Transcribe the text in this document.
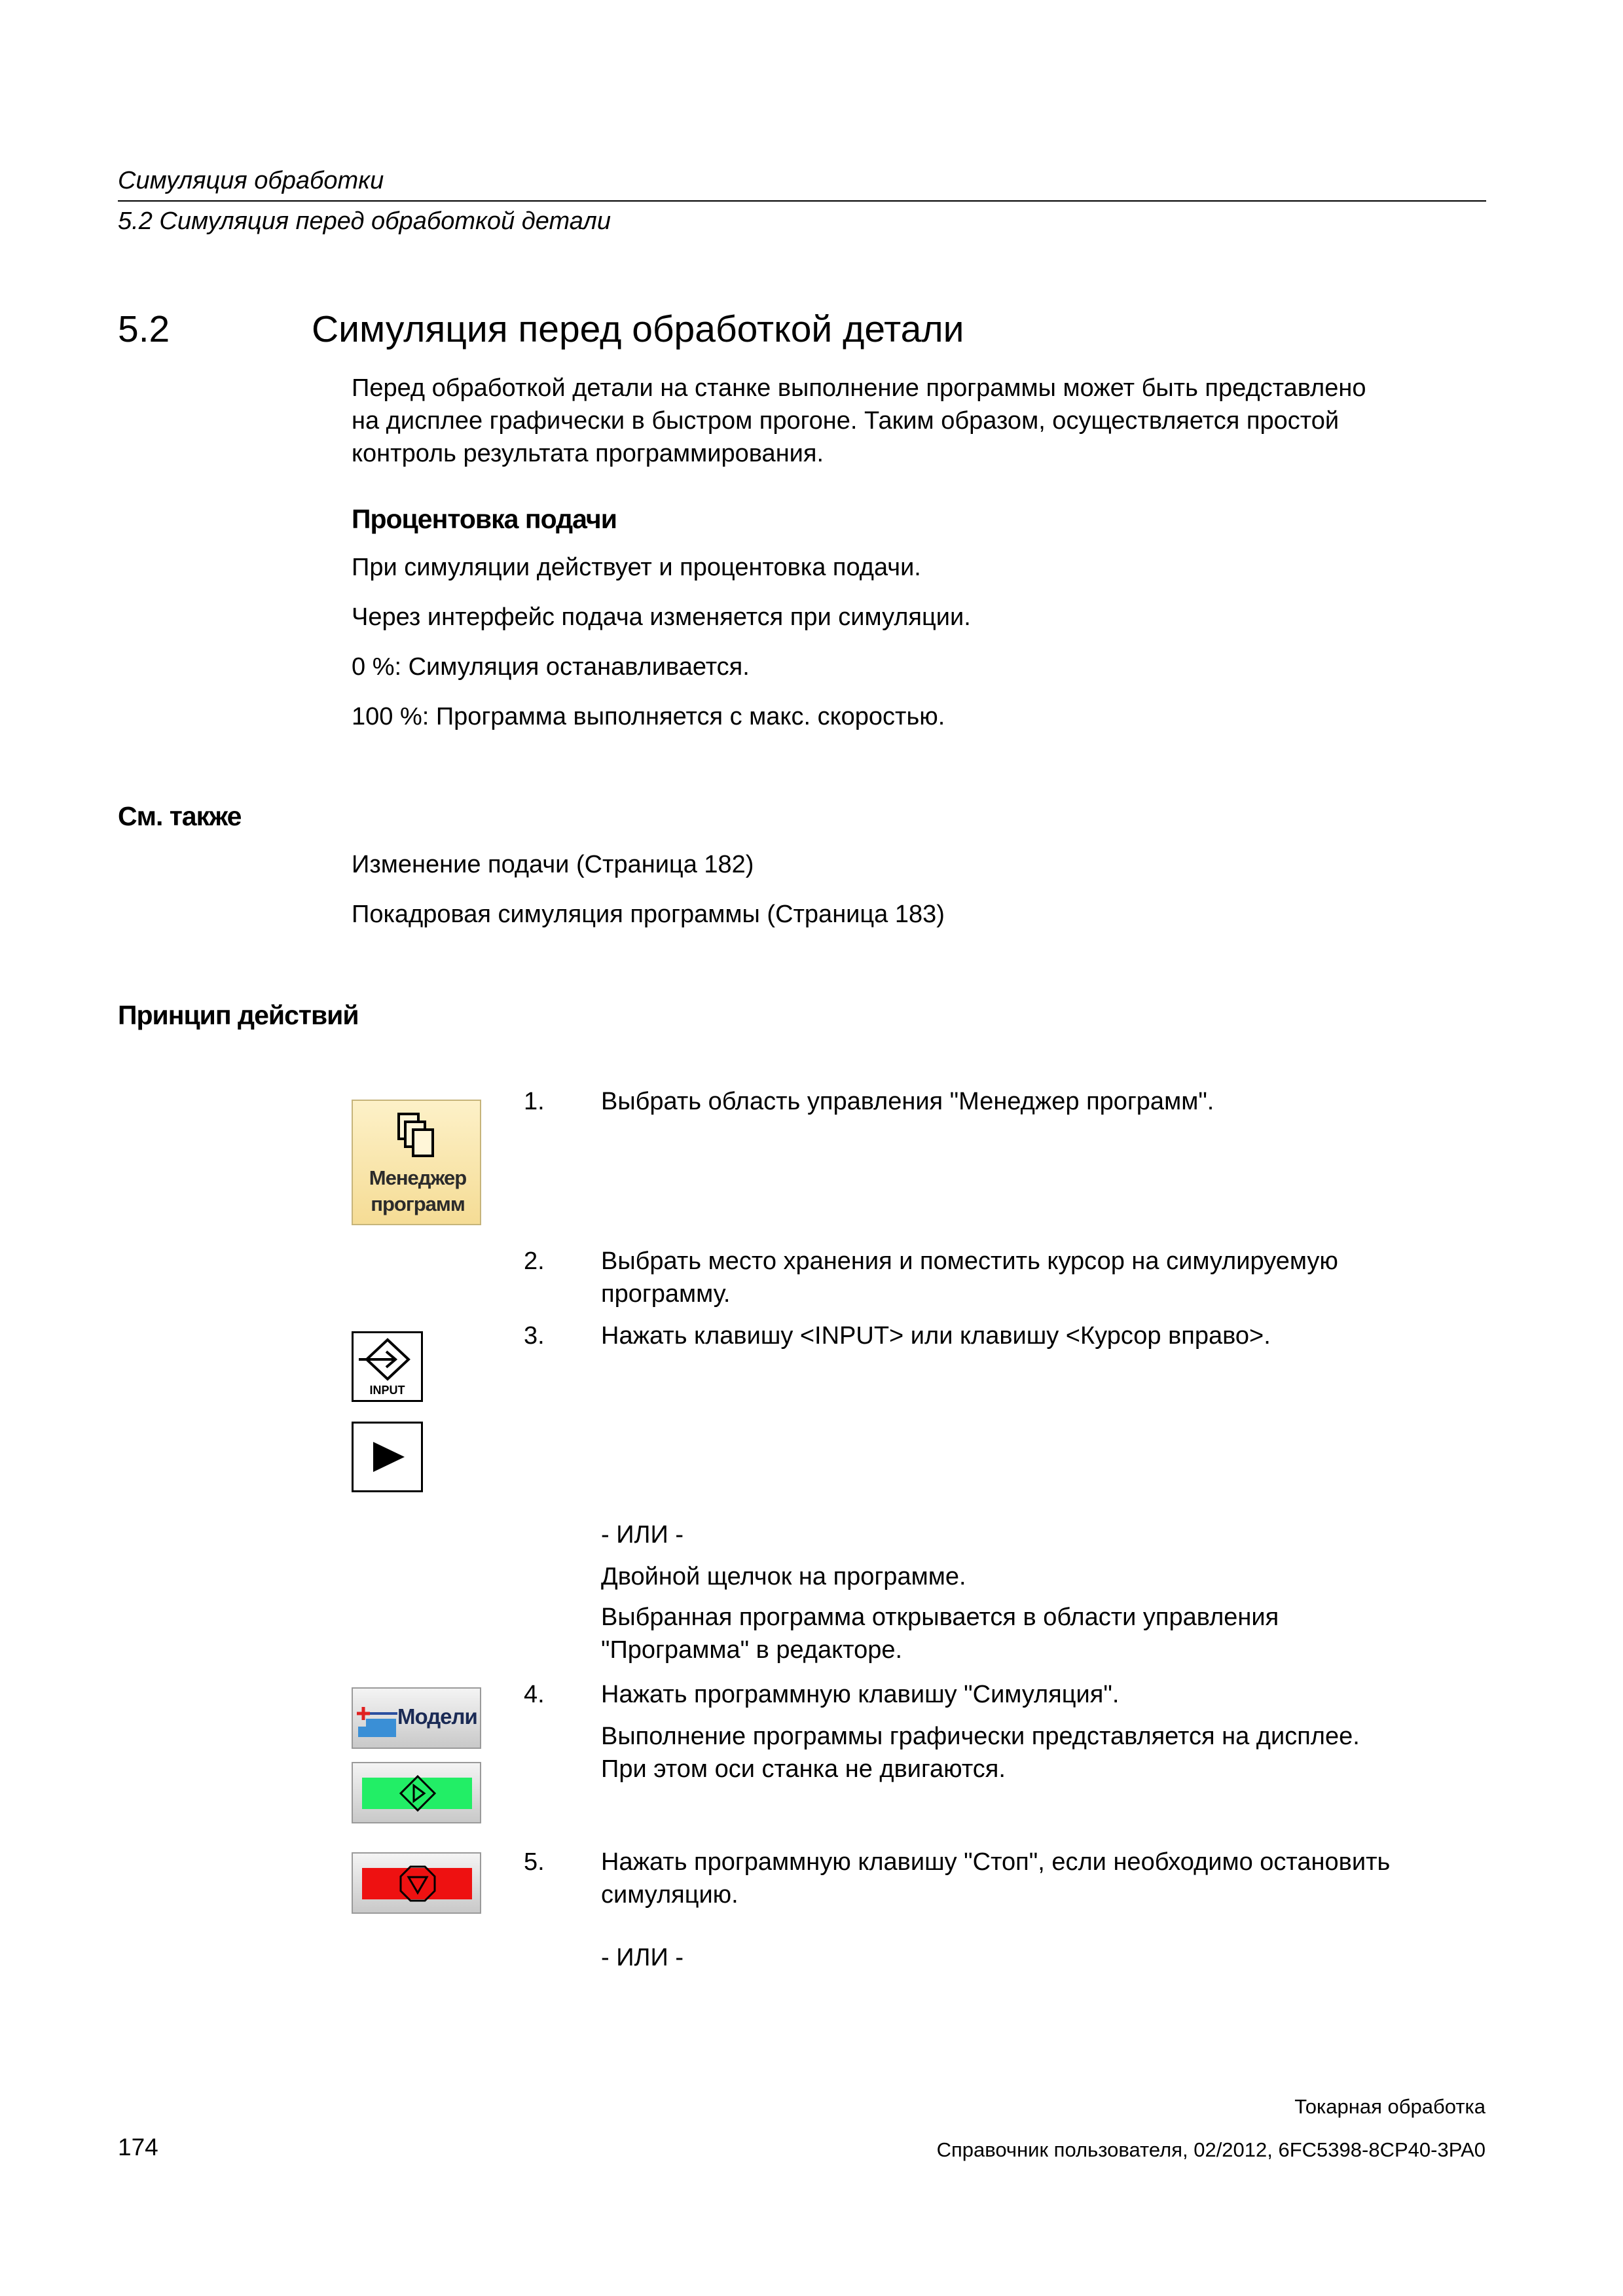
Симуляция обработки
5.2 Симуляция перед обработкой детали
5.2	Симуляция перед обработкой детали
Перед обработкой детали на станке выполнение программы может быть представлено
на дисплее графически в быстром прогоне. Таким образом, осуществляется простой
контроль результата программирования.
Процентовка подачи
При симуляции действует и процентовка подачи.
Через интерфейс подача изменяется при симуляции.
0 %: Симуляция останавливается.
100 %: Программа выполняется с макс. скоростью.
См. также
Изменение подачи (Страница 182)
Покадровая симуляция программы (Страница 183)
Принцип действий
Менеджер
программ
INPUT
1. Выбрать область управления "Менеджер программ".
2. Выбрать место хранения и поместить курсор на симулируемую
программу.
3. Нажать клавишу <INPUT> или клавишу <Курсор вправо>.
- ИЛИ -
Двойной щелчок на программе.
Выбранная программа открывается в области управления
"Программа" в редакторе.
Модели
4. Нажать программную клавишу "Симуляция".
Выполнение программы графически представляется на дисплее.
При этом оси станка не двигаются.
5. Нажать программную клавишу "Стоп", если необходимо остановить
симуляцию.
- ИЛИ -
Токарная обработка
174	Справочник пользователя, 02/2012, 6FC5398-8CP40-3PA0
